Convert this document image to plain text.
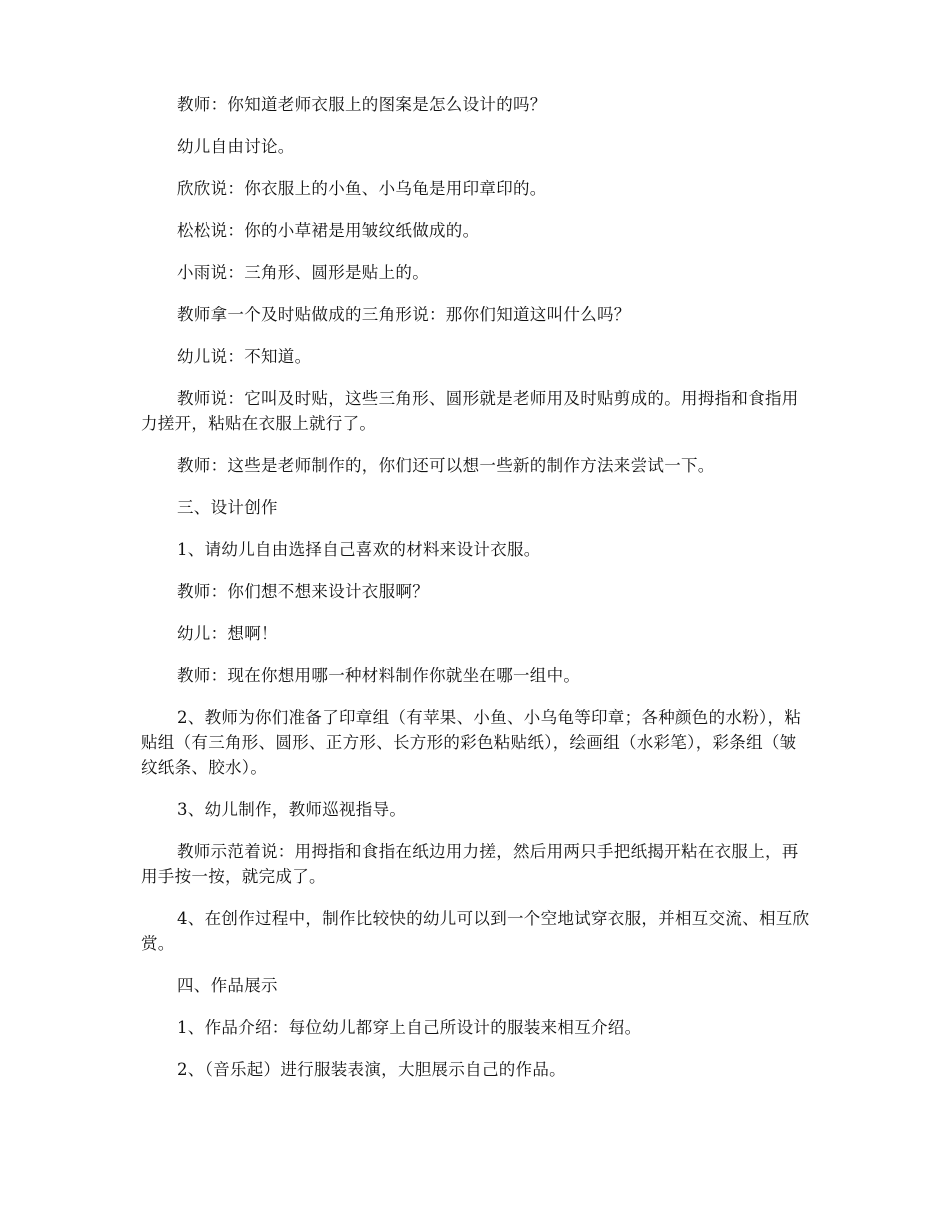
教师：你知道老师衣服上的图案是怎么设计的吗？

幼儿自由讨论。

欣欣说：你衣服上的小鱼、小乌龟是用印章印的。

松松说：你的小草裙是用皱纹纸做成的。

小雨说：三角形、圆形是贴上的。

教师拿一个及时贴做成的三角形说：那你们知道这叫什么吗？

幼儿说：不知道。

教师说：它叫及时贴，这些三角形、圆形就是老师用及时贴剪成的。用拇指和食指用力搓开，粘贴在衣服上就行了。

教师：这些是老师制作的，你们还可以想一些新的制作方法来尝试一下。

三、设计创作

1、请幼儿自由选择自己喜欢的材料来设计衣服。

教师：你们想不想来设计衣服啊？

幼儿：想啊！

教师：现在你想用哪一种材料制作你就坐在哪一组中。

2、教师为你们准备了印章组（有苹果、小鱼、小乌龟等印章；各种颜色的水粉），粘贴组（有三角形、圆形、正方形、长方形的彩色粘贴纸），绘画组（水彩笔），彩条组（皱纹纸条、胶水）。

3、幼儿制作，教师巡视指导。

教师示范着说：用拇指和食指在纸边用力搓，然后用两只手把纸揭开粘在衣服上，再用手按一按，就完成了。

4、在创作过程中，制作比较快的幼儿可以到一个空地试穿衣服，并相互交流、相互欣赏。

四、作品展示

1、作品介绍：每位幼儿都穿上自己所设计的服装来相互介绍。

2、（音乐起）进行服装表演，大胆展示自己的作品。
